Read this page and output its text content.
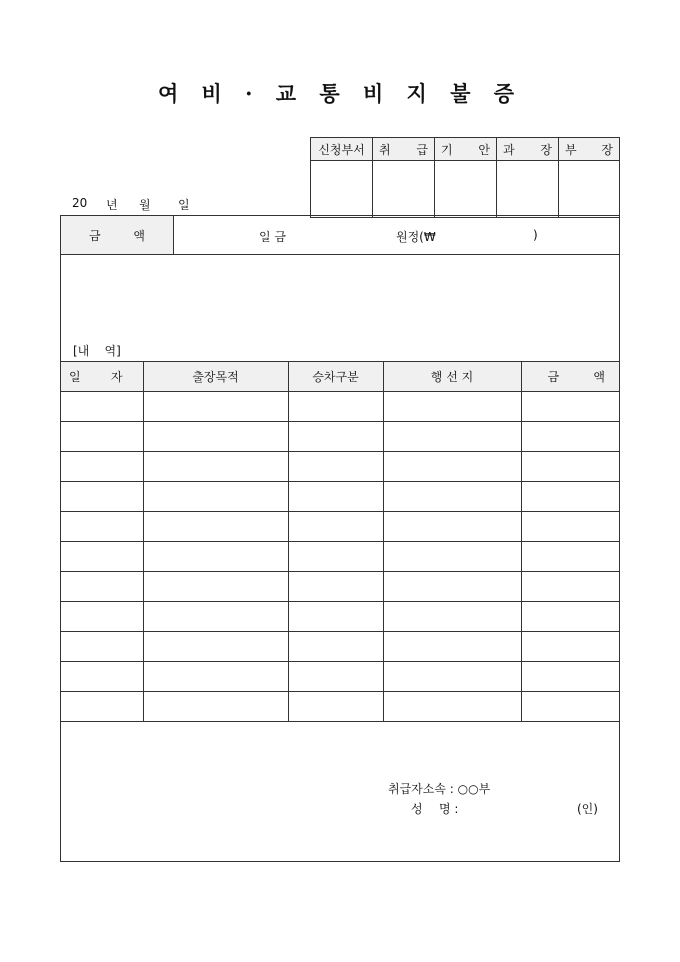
여 비 · 교 통 비 지 불 증
신청부서	취 급	기 안	과 장	부 장

20	년	월	일
금	액	일 금	원정(₩	)
[내    역]
일 자	출장목적	승차구분	행 선 지	금 액

취급자소속 : ○○부
성	명 :	(인)
